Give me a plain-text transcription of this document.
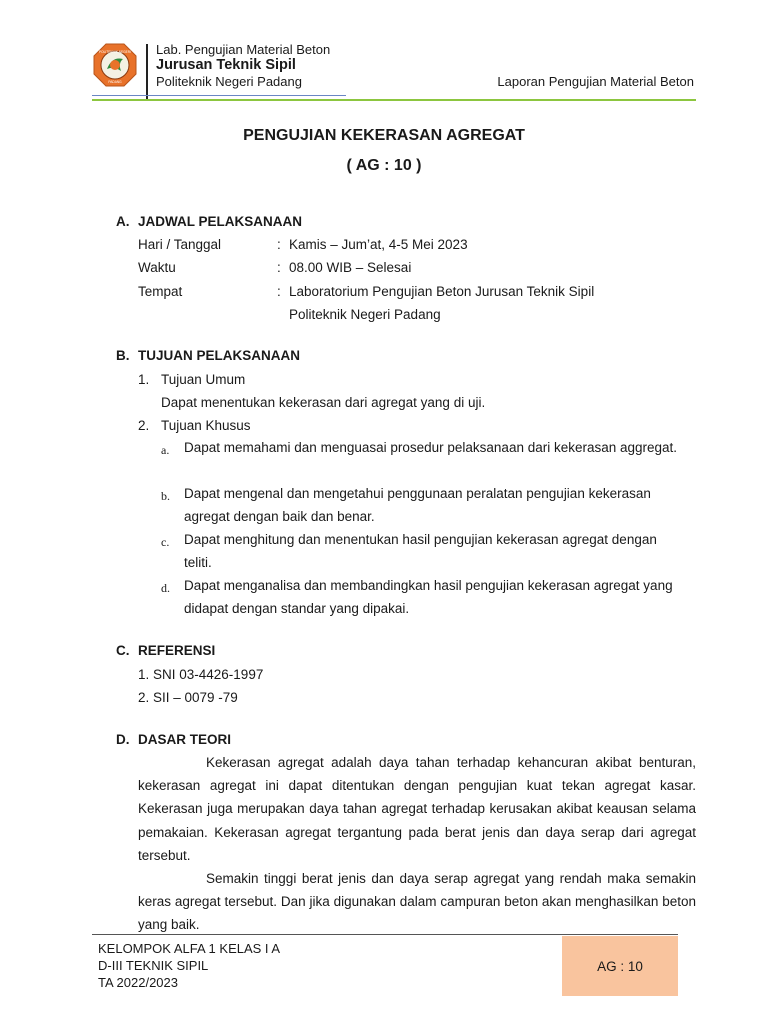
POLITEKNIK NEGERI
PADANG
Lab. Pengujian Material Beton
Jurusan Teknik Sipil
Politeknik Negeri Padang	Laporan Pengujian Material Beton
PENGUJIAN KEKERASAN AGREGAT
( AG : 10 )
A. JADWAL PELAKSANAAN
Hari / Tanggal	: Kamis – Jum’at, 4-5 Mei 2023
Waktu	: 08.00 WIB – Selesai
Tempat	: Laboratorium Pengujian Beton Jurusan Teknik Sipil
Politeknik Negeri Padang
B. TUJUAN PELAKSANAAN
1. Tujuan Umum
Dapat menentukan kekerasan dari agregat yang di uji.
2. Tujuan Khusus
a. Dapat memahami dan menguasai prosedur pelaksanaan dari kekerasan aggregat.
b. Dapat mengenal dan mengetahui penggunaan peralatan pengujian kekerasan agregat dengan baik dan benar.
c. Dapat menghitung dan menentukan hasil pengujian kekerasan agregat dengan teliti.
d. Dapat menganalisa dan membandingkan hasil pengujian kekerasan agregat yang didapat dengan standar yang dipakai.
C. REFERENSI
1. SNI 03-4426-1997
2. SII – 0079 -79
D. DASAR TEORI
Kekerasan agregat adalah daya tahan terhadap kehancuran akibat benturan, kekerasan agregat ini dapat ditentukan dengan pengujian kuat tekan agregat kasar. Kekerasan juga merupakan daya tahan agregat terhadap kerusakan akibat keausan selama pemakaian. Kekerasan agregat tergantung pada berat jenis dan daya serap dari agregat tersebut.
Semakin tinggi berat jenis dan daya serap agregat yang rendah maka semakin keras agregat tersebut. Dan jika digunakan dalam campuran beton akan menghasilkan beton yang baik.
AG : 10
KELOMPOK ALFA 1 KELAS I A
D-III TEKNIK SIPIL
TA 2022/2023
